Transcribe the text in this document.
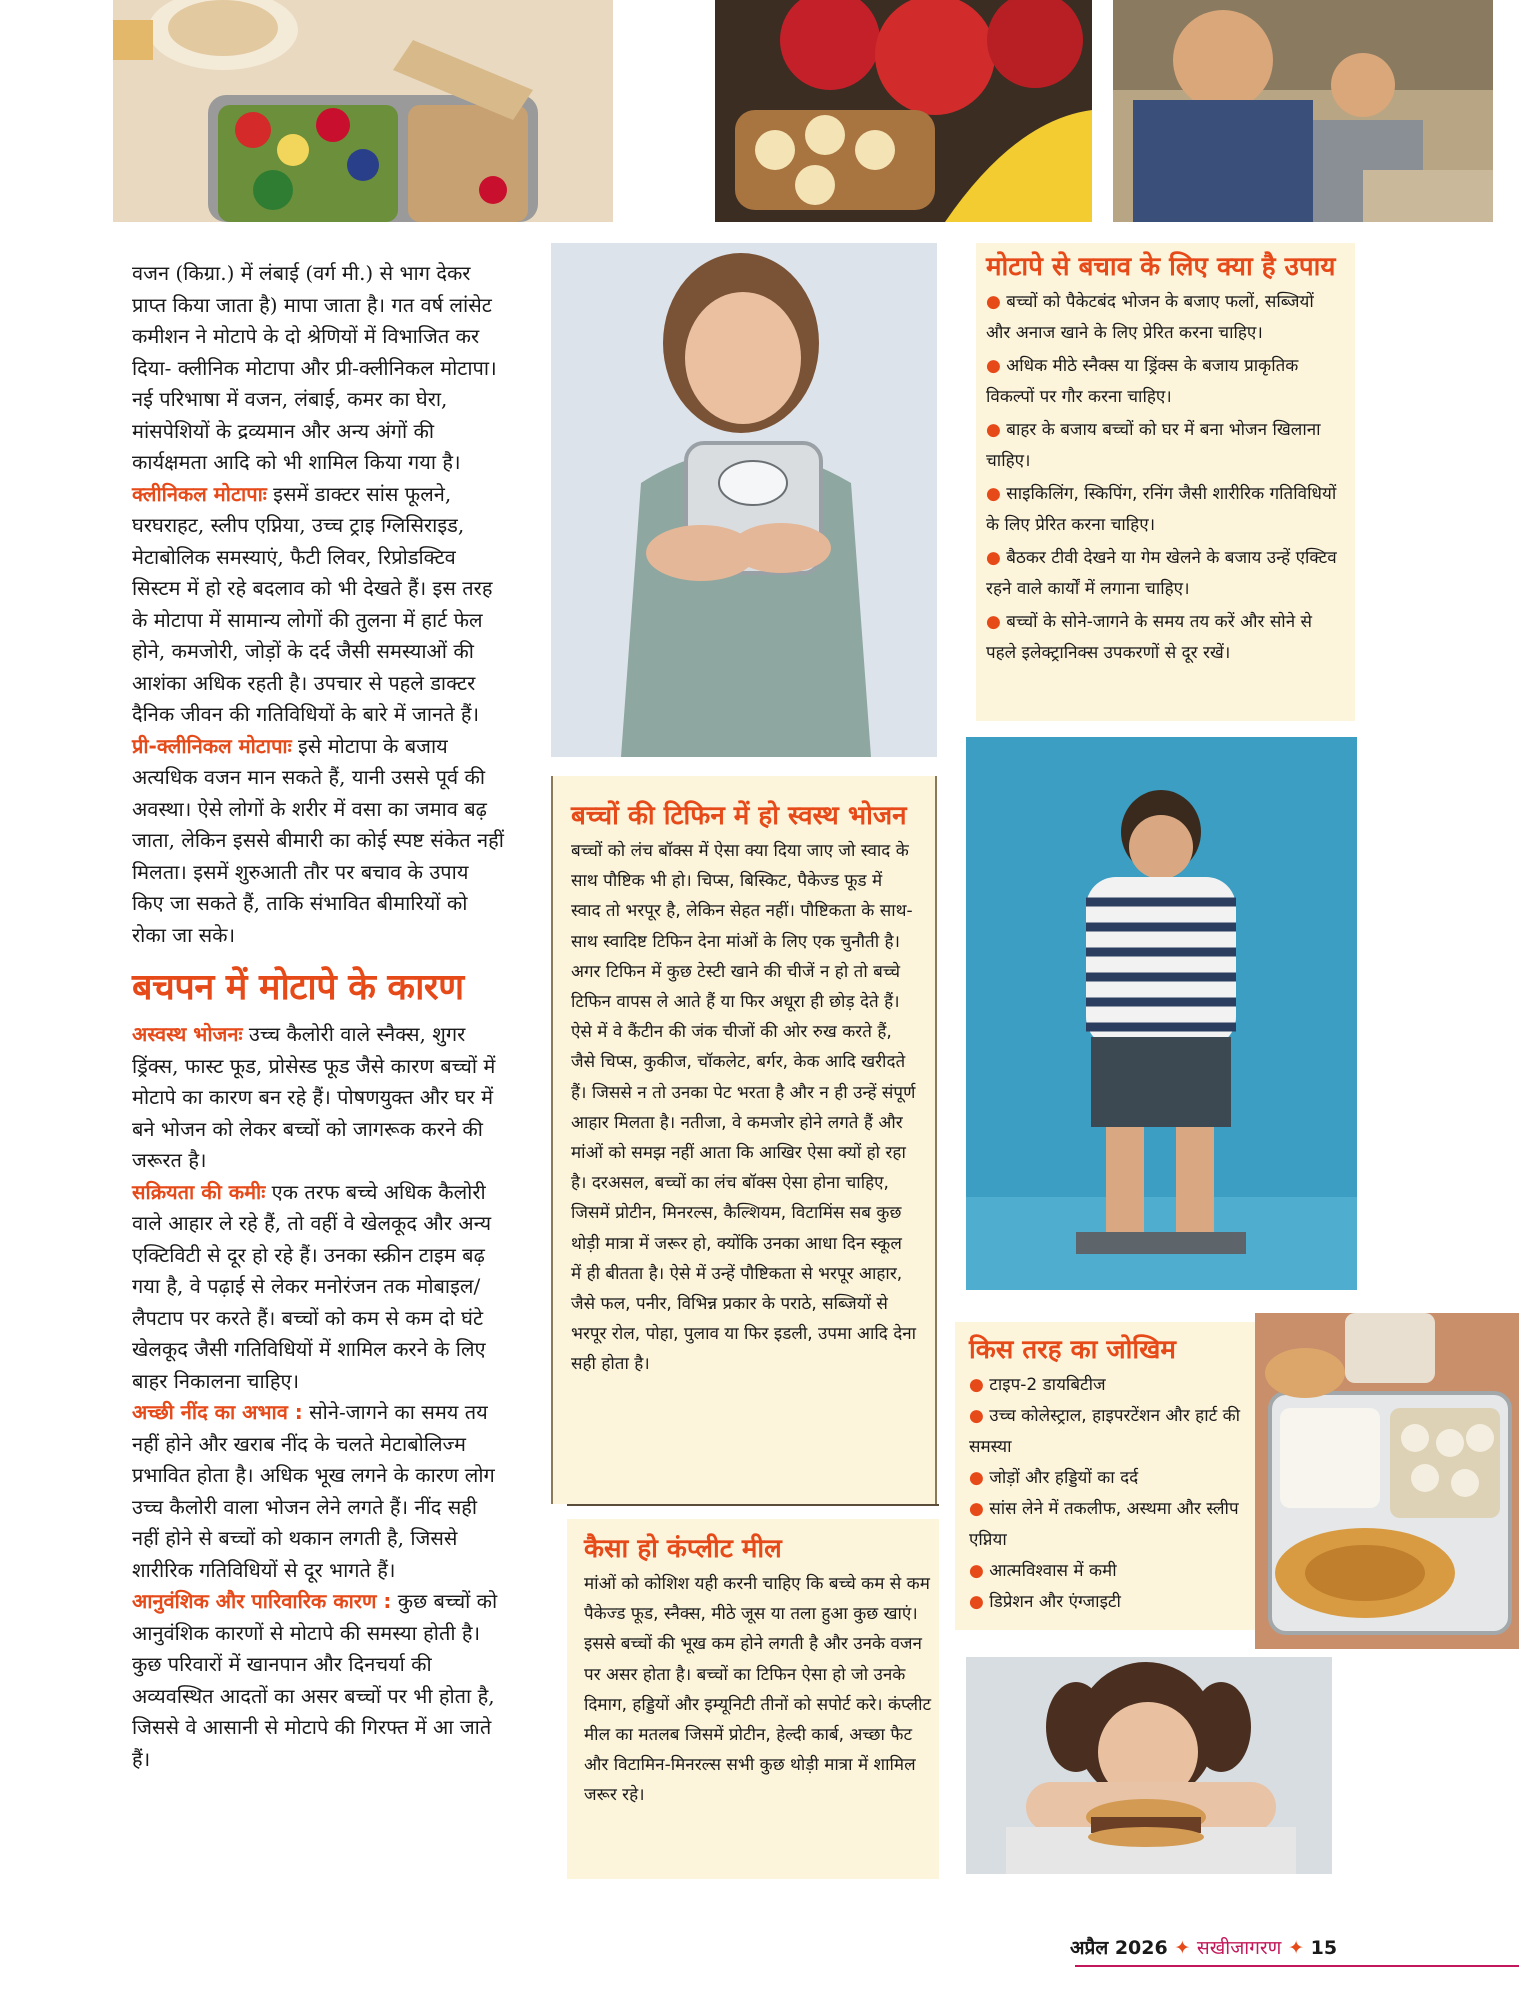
वजन (किग्रा.) में लंबाई (वर्ग मी.) से भाग देकर प्राप्त किया जाता है) मापा जाता है। गत वर्ष लांसेट कमीशन ने मोटापे के दो श्रेणियों में विभाजित कर दिया- क्लीनिक मोटापा और प्री-क्लीनिकल मोटापा। नई परिभाषा में वजन, लंबाई, कमर का घेरा, मांसपेशियों के द्रव्यमान और अन्य अंगों की कार्यक्षमता आदि को भी शामिल किया गया है।

क्लीनिकल मोटापाः इसमें डाक्टर सांस फूलने, घरघराहट, स्लीप एप्निया, उच्च ट्राइ ग्लिसिराइड, मेटाबोलिक समस्याएं, फैटी लिवर, रिप्रोडक्टिव सिस्टम में हो रहे बदलाव को भी देखते हैं। इस तरह के मोटापा में सामान्य लोगों की तुलना में हार्ट फेल होने, कमजोरी, जोड़ों के दर्द जैसी समस्याओं की आशंका अधिक रहती है। उपचार से पहले डाक्टर दैनिक जीवन की गतिविधियों के बारे में जानते हैं।

प्री-क्लीनिकल मोटापाः इसे मोटापा के बजाय अत्यधिक वजन मान सकते हैं, यानी उससे पूर्व की अवस्था। ऐसे लोगों के शरीर में वसा का जमाव बढ़ जाता, लेकिन इससे बीमारी का कोई स्पष्ट संकेत नहीं मिलता। इसमें शुरुआती तौर पर बचाव के उपाय किए जा सकते हैं, ताकि संभावित बीमारियों को रोका जा सके।

बचपन में मोटापे के कारण

अस्वस्थ भोजनः उच्च कैलोरी वाले स्नैक्स, शुगर ड्रिंक्स, फास्ट फूड, प्रोसेस्ड फूड जैसे कारण बच्चों में मोटापे का कारण बन रहे हैं। पोषणयुक्त और घर में बने भोजन को लेकर बच्चों को जागरूक करने की जरूरत है।

सक्रियता की कमीः एक तरफ बच्चे अधिक कैलोरी वाले आहार ले रहे हैं, तो वहीं वे खेलकूद और अन्य एक्टिविटी से दूर हो रहे हैं। उनका स्क्रीन टाइम बढ़ गया है, वे पढ़ाई से लेकर मनोरंजन तक मोबाइल/लैपटाप पर करते हैं। बच्चों को कम से कम दो घंटे खेलकूद जैसी गतिविधियों में शामिल करने के लिए बाहर निकालना चाहिए।

अच्छी नींद का अभाव : सोने-जागने का समय तय नहीं होने और खराब नींद के चलते मेटाबोलिज्म प्रभावित होता है। अधिक भूख लगने के कारण लोग उच्च कैलोरी वाला भोजन लेने लगते हैं। नींद सही नहीं होने से बच्चों को थकान लगती है, जिससे शारीरिक गतिविधियों से दूर भागते हैं।

आनुवंशिक और पारिवारिक कारण : कुछ बच्चों को आनुवंशिक कारणों से मोटापे की समस्या होती है। कुछ परिवारों में खानपान और दिनचर्या की अव्यवस्थित आदतों का असर बच्चों पर भी होता है, जिससे वे आसानी से मोटापे की गिरफ्त में आ जाते हैं।

बच्चों की टिफिन में हो स्वस्थ भोजन

बच्चों को लंच बॉक्स में ऐसा क्या दिया जाए जो स्वाद के साथ पौष्टिक भी हो। चिप्स, बिस्किट, पैकेज्ड फूड में स्वाद तो भरपूर है, लेकिन सेहत नहीं। पौष्टिकता के साथ-साथ स्वादिष्ट टिफिन देना मांओं के लिए एक चुनौती है। अगर टिफिन में कुछ टेस्टी खाने की चीजें न हो तो बच्चे टिफिन वापस ले आते हैं या फिर अधूरा ही छोड़ देते हैं। ऐसे में वे कैंटीन की जंक चीजों की ओर रुख करते हैं, जैसे चिप्स, कुकीज, चॉकलेट, बर्गर, केक आदि खरीदते हैं। जिससे न तो उनका पेट भरता है और न ही उन्हें संपूर्ण आहार मिलता है। नतीजा, वे कमजोर होने लगते हैं और मांओं को समझ नहीं आता कि आखिर ऐसा क्यों हो रहा है। दरअसल, बच्चों का लंच बॉक्स ऐसा होना चाहिए, जिसमें प्रोटीन, मिनरल्स, कैल्शियम, विटामिंस सब कुछ थोड़ी मात्रा में जरूर हो, क्योंकि उनका आधा दिन स्कूल में ही बीतता है। ऐसे में उन्हें पौष्टिकता से भरपूर आहार, जैसे फल, पनीर, विभिन्न प्रकार के पराठे, सब्जियों से भरपूर रोल, पोहा, पुलाव या फिर इडली, उपमा आदि देना सही होता है।

कैसा हो कंप्लीट मील

मांओं को कोशिश यही करनी चाहिए कि बच्चे कम से कम पैकेज्ड फूड, स्नैक्स, मीठे जूस या तला हुआ कुछ खाएं। इससे बच्चों की भूख कम होने लगती है और उनके वजन पर असर होता है। बच्चों का टिफिन ऐसा हो जो उनके दिमाग, हड्डियों और इम्यूनिटी तीनों को सपोर्ट करे। कंप्लीट मील का मतलब जिसमें प्रोटीन, हेल्दी कार्ब, अच्छा फैट और विटामिन-मिनरल्स सभी कुछ थोड़ी मात्रा में शामिल जरूर रहे।

मोटापे से बचाव के लिए क्या है उपाय
● बच्चों को पैकेटबंद भोजन के बजाए फलों, सब्जियों और अनाज खाने के लिए प्रेरित करना चाहिए।
● अधिक मीठे स्नैक्स या ड्रिंक्स के बजाय प्राकृतिक विकल्पों पर गौर करना चाहिए।
● बाहर के बजाय बच्चों को घर में बना भोजन खिलाना चाहिए।
● साइकिलिंग, स्किपिंग, रनिंग जैसी शारीरिक गतिविधियों के लिए प्रेरित करना चाहिए।
● बैठकर टीवी देखने या गेम खेलने के बजाय उन्हें एक्टिव रहने वाले कार्यों में लगाना चाहिए।
● बच्चों के सोने-जागने के समय तय करें और सोने से पहले इलेक्ट्रानिक्स उपकरणों से दूर रखें।
किस तरह का जोखिम
● टाइप-2 डायबिटीज
● उच्च कोलेस्ट्राल, हाइपरटेंशन और हार्ट की समस्या
● जोड़ों और हड्डियों का दर्द
● सांस लेने में तकलीफ, अस्थमा और स्लीप एप्निया
● आत्मविश्वास में कमी
● डिप्रेशन और एंग्जाइटी
अप्रैल 2026 ✦ सखीजागरण ✦ 15
